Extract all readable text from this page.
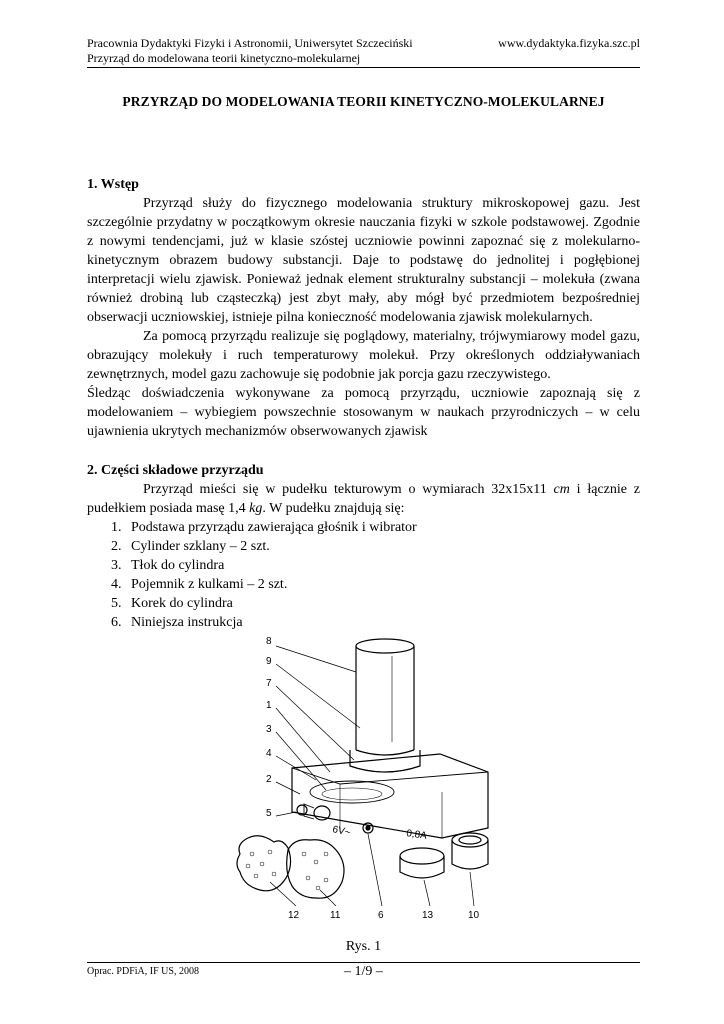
Pracownia Dydaktyki Fizyki i Astronomii, Uniwersytet Szczeciński	www.dydaktyka.fizyka.szc.pl
Przyrząd do modelowana teorii kinetyczno-molekularnej
PRZYRZĄD DO MODELOWANIA TEORII KINETYCZNO-MOLEKULARNEJ

1. Wstęp

Przyrząd służy do fizycznego modelowania struktury mikroskopowej gazu. Jest szczególnie przydatny w początkowym okresie nauczania fizyki w szkole podstawowej. Zgodnie z nowymi tendencjami, już w klasie szóstej uczniowie powinni zapoznać się z molekularno-kinetycznym obrazem budowy substancji. Daje to podstawę do jednolitej i pogłębionej interpretacji wielu zjawisk. Ponieważ jednak element strukturalny substancji – molekuła (zwana również drobiną lub cząsteczką) jest zbyt mały, aby mógł być przedmiotem bezpośredniej obserwacji uczniowskiej, istnieje pilna konieczność modelowania zjawisk molekularnych.

Za pomocą przyrządu realizuje się poglądowy, materialny, trójwymiarowy model gazu, obrazujący molekuły i ruch temperaturowy molekuł. Przy określonych oddziaływaniach zewnętrznych, model gazu zachowuje się podobnie jak porcja gazu rzeczywistego.

Śledząc doświadczenia wykonywane za pomocą przyrządu, uczniowie zapoznają się z modelowaniem – wybiegiem powszechnie stosowanym w naukach przyrodniczych – w celu ujawnienia ukrytych mechanizmów obserwowanych zjawisk

2. Części składowe przyrządu

Przyrząd mieści się w pudełku tekturowym o wymiarach 32x15x11 cm i łącznie z pudełkiem posiada masę 1,4 kg. W pudełku znajdują się:

1. Podstawa przyrządu zawierająca głośnik i wibrator
2. Cylinder szklany – 2 szt.
3. Tłok do cylindra
4. Pojemnik z kulkami – 2 szt.
5. Korek do cylindra
6. Niniejsza instrukcja
6V~	0,8A
8
9
7
1
3
4
2
5
12	11	6	13	10
Rys. 1
Oprac. PDFiA, IF US, 2008	– 1/9 –
